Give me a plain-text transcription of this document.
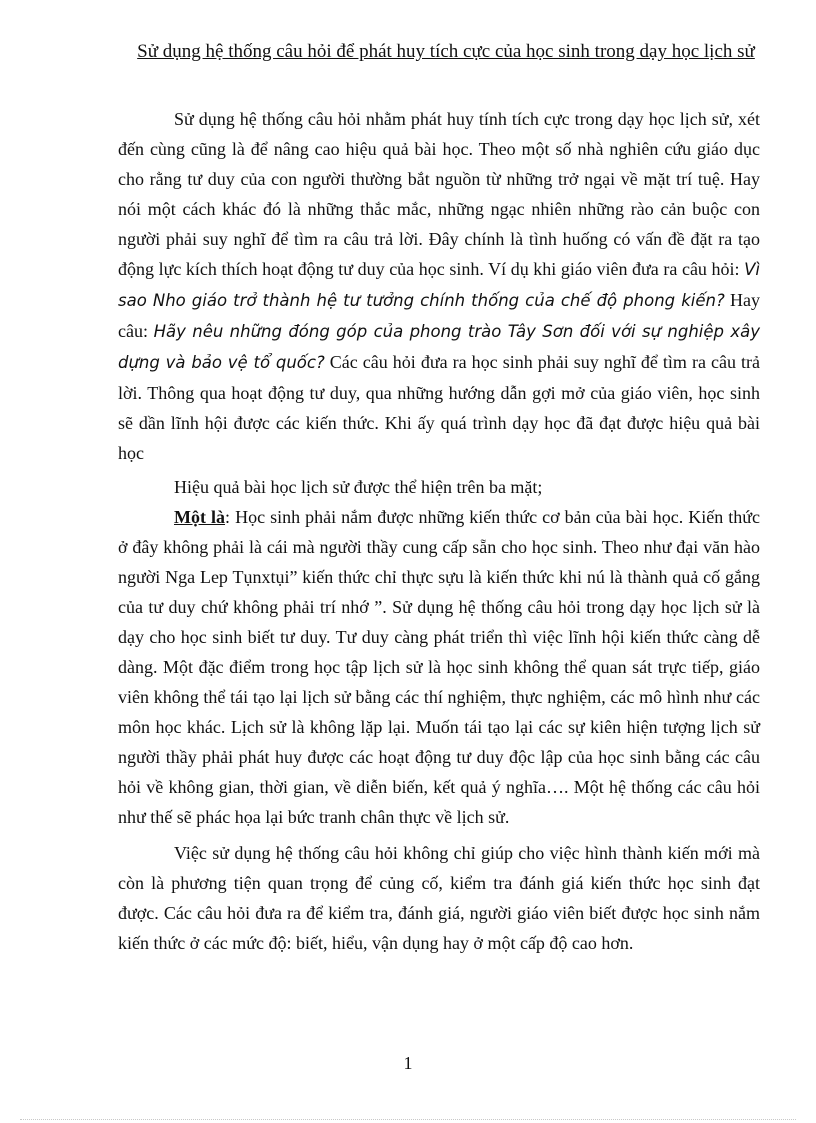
Sử dụng hệ thống câu hỏi để phát huy tích cực của học sinh trong dạy học lịch sử

Sử dụng hệ thống câu hỏi nhằm phát huy tính tích cực trong dạy học lịch sử, xét đến cùng cũng là để nâng cao hiệu quả bài học. Theo một số nhà nghiên cứu giáo dục cho rằng tư duy của con người thường bắt nguồn từ những trở ngại về mặt trí tuệ. Hay nói một cách khác đó là những thắc mắc, những ngạc nhiên những rào cản buộc con người phải suy nghĩ để tìm ra câu trả lời. Đây chính là tình huống có vấn đề đặt ra tạo động lực kích thích hoạt động tư duy của học sinh. Ví dụ khi giáo viên đưa ra câu hỏi: Vì sao Nho giáo trở thành hệ tư tưởng chính thống của chế độ phong kiến? Hay câu: Hãy nêu những đóng góp của phong trào Tây Sơn đối với sự nghiệp xây dựng và bảo vệ tổ quốc? Các câu hỏi đưa ra học sinh phải suy nghĩ để tìm ra câu trả lời. Thông qua hoạt động tư duy, qua những hướng dẫn gợi mở của giáo viên, học sinh sẽ dần lĩnh hội được các kiến thức. Khi ấy quá trình dạy học đã đạt được hiệu quả bài học

Hiệu quả bài học lịch sử được thể hiện trên ba mặt;

Một là: Học sinh phải nắm được những kiến thức cơ bản của bài học. Kiến thức ở đây không phải là cái mà người thầy cung cấp sẵn cho học sinh. Theo như đại văn hào người Nga Lep Tụnxtụi” kiến thức chỉ thực sựu là kiến thức khi nú là thành quả cố gắng của tư duy chứ không phải trí nhớ ”. Sử dụng hệ thống câu hỏi trong dạy học lịch sử là dạy cho học sinh biết tư duy. Tư duy càng phát triển thì việc lĩnh hội kiến thức càng dễ dàng. Một đặc điểm trong học tập lịch sử là học sinh không thể quan sát trực tiếp, giáo viên không thể tái tạo lại lịch sử bằng các thí nghiệm, thực nghiệm, các mô hình như các môn học khác. Lịch sử là không lặp lại. Muốn tái tạo lại các sự kiên hiện tượng lịch sử người thầy phải phát huy được các hoạt động tư duy độc lập của học sinh bằng các câu hỏi về không gian, thời gian, về diễn biến, kết quả ý nghĩa…. Một hệ thống các câu hỏi như thế sẽ phác họa lại bức tranh chân thực về lịch sử.

Việc sử dụng hệ thống câu hỏi không chỉ giúp cho việc hình thành kiến mới mà còn là phương tiện quan trọng để củng cố, kiểm tra đánh giá kiến thức học sinh đạt được. Các câu hỏi đưa ra để kiểm tra, đánh giá, người giáo viên biết được học sinh nắm kiến thức ở các mức độ: biết, hiểu, vận dụng hay ở một cấp độ cao hơn.

1
